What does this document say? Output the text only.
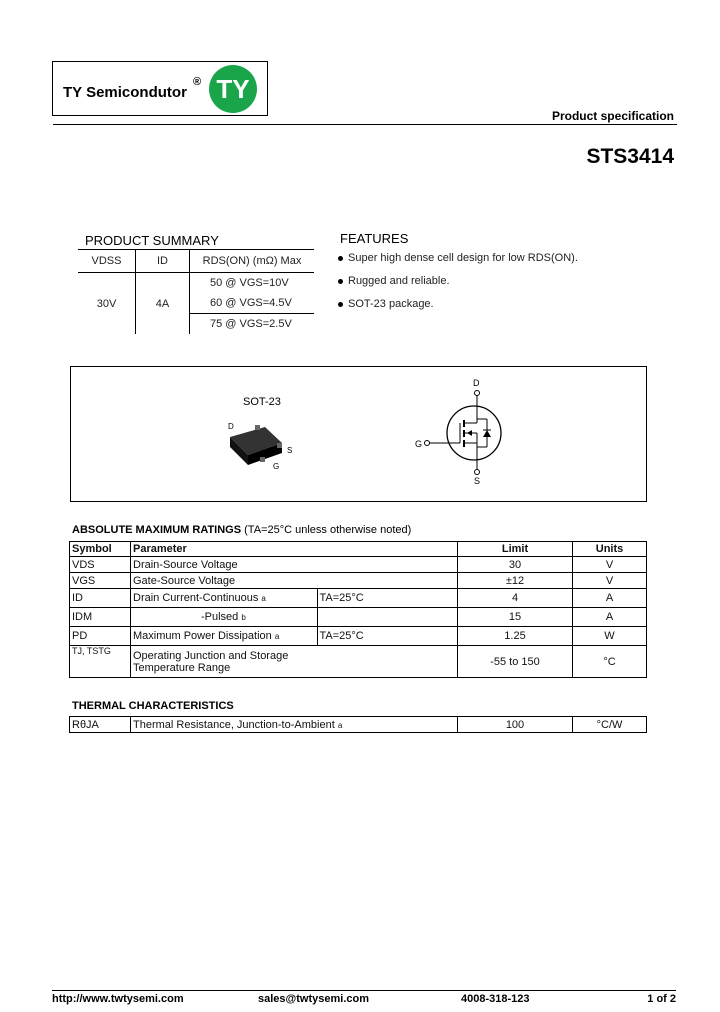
TY Semicondutor
® TY
Product specification
STS3414
PRODUCT SUMMARY
VDSS	ID	RDS(ON) (mΩ) Max
30V	4A	50 @ VGS=10V
		60 @ VGS=4.5V
		75 @ VGS=2.5V
FEATURES
Super high dense cell design for low RDS(ON).
Rugged and reliable.
SOT-23 package.
SOT-23
D
S
G
D
G
S
ABSOLUTE MAXIMUM RATINGS (TA=25°C unless otherwise noted)
Symbol	Parameter		Limit	Units
VDS	Drain-Source Voltage		30	V
VGS	Gate-Source Voltage		±12	V
ID	Drain Current-Continuous a	TA=25°C	4	A
IDM	-Pulsed b		15	A
PD	Maximum Power Dissipation a	TA=25°C	1.25	W
TJ, TSTG	Operating Junction and Storage
Temperature Range		-55 to 150	°C
THERMAL CHARACTERISTICS
RθJA	Thermal Resistance, Junction-to-Ambient a	100	°C/W
http://www.twtysemi.com	sales@twtysemi.com	4008-318-123	1 of 2
